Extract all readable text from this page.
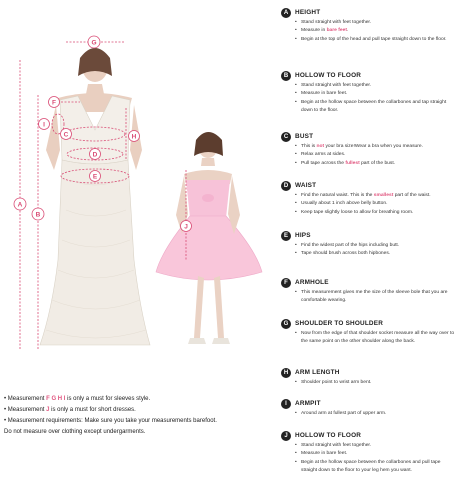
G
F
I
H
D
E
C
A
B
J
• Measurement F G H I is only a must for sleeves style.
• Measurement J is only a must for short dresses.
• Measurement requirements: Make sure you take your measurements barefoot.
Do not measure over clothing except undergarments.
A	HEIGHT
• Stand straight with feet together.
• Measure in bare feet.
• Begin at the top of the head and pull tape straight down to the floor.
B	HOLLOW TO FLOOR
• Stand straight with feet together.
• Measure in bare feet.
• Begin at the hollow space between the collarbones and tap straight down to the floor.
C	BUST
• This is not your bra size!Wear a bra when you measure.
• Relax arms at sides.
• Pull tape across the fullest part of the bust.
D	WAIST
• Find the natural waist. This is the smallest part of the waist.
• Usually about 1 inch above belly button.
• Keep tape slightly loose to allow for breathing room.
E	HIPS
• Find the widest part of the hips including butt.
• Tape should brush across both hipbones.
F	ARMHOLE
• This measurement gives me the size of the sleeve bole that you are comfortable wearing.
G	SHOULDER TO SHOULDER
• Now from the edge of that shoulder socket measure all the way over to the same point on the other shoulder along the back.
H	ARM LENGTH
• Shoulder point to wrist arm bent.
I	ARMPIT
• Around arm at fullest part of upper arm.
J	HOLLOW TO FLOOR
• Stand straight with feet together.
• Measure in bare feet.
• Begin at the hollow space between the collarbones and pull tape straight down to the floor to your leg hem you want.
